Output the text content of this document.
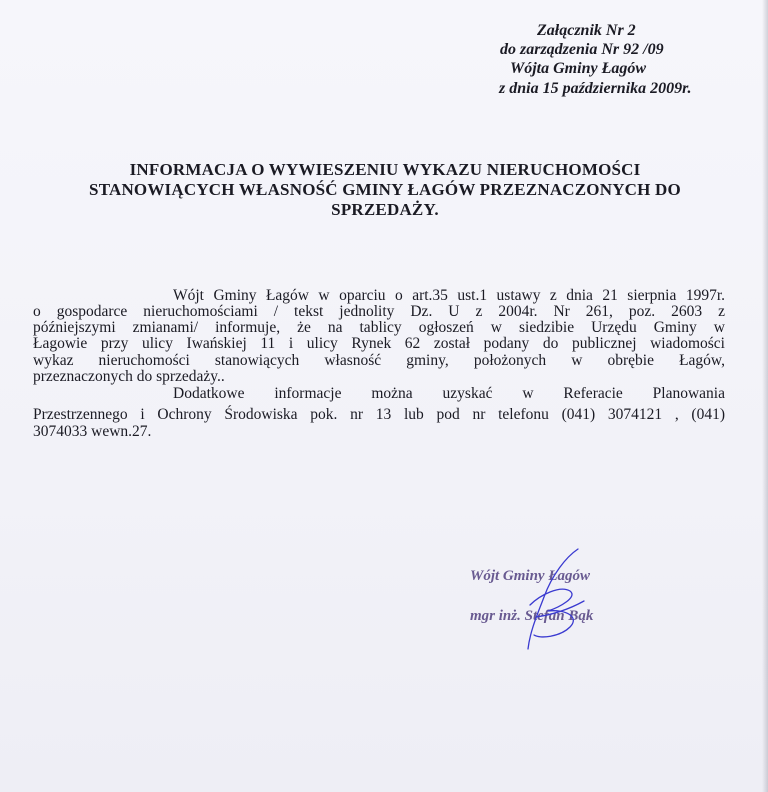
Załącznik Nr 2
do zarządzenia Nr 92 /09
Wójta Gminy Łagów
z dnia 15 października 2009r.
INFORMACJA O WYWIESZENIU WYKAZU NIERUCHOMOŚCI
STANOWIĄCYCH WŁASNOŚĆ GMINY ŁAGÓW PRZEZNACZONYCH DO
SPRZEDAŻY.
Wójt Gminy Łagów w oparciu o art.35 ust.1 ustawy z dnia 21 sierpnia 1997r.
o gospodarce nieruchomościami / tekst jednolity Dz. U z 2004r. Nr 261, poz. 2603 z
późniejszymi zmianami/ informuje, że na tablicy ogłoszeń w siedzibie Urzędu Gminy w
Łagowie przy ulicy Iwańskiej 11 i ulicy Rynek 62 został podany do publicznej wiadomości
wykaz nieruchomości stanowiących własność gminy, położonych w obrębie Łagów,
przeznaczonych do sprzedaży..
Dodatkowe informacje można uzyskać w Referacie Planowania
Przestrzennego i Ochrony Środowiska pok. nr 13 lub pod nr telefonu (041) 3074121 , (041)
3074033 wewn.27.
Wójt Gminy Łagów
mgr inż. Stefan Bąk
